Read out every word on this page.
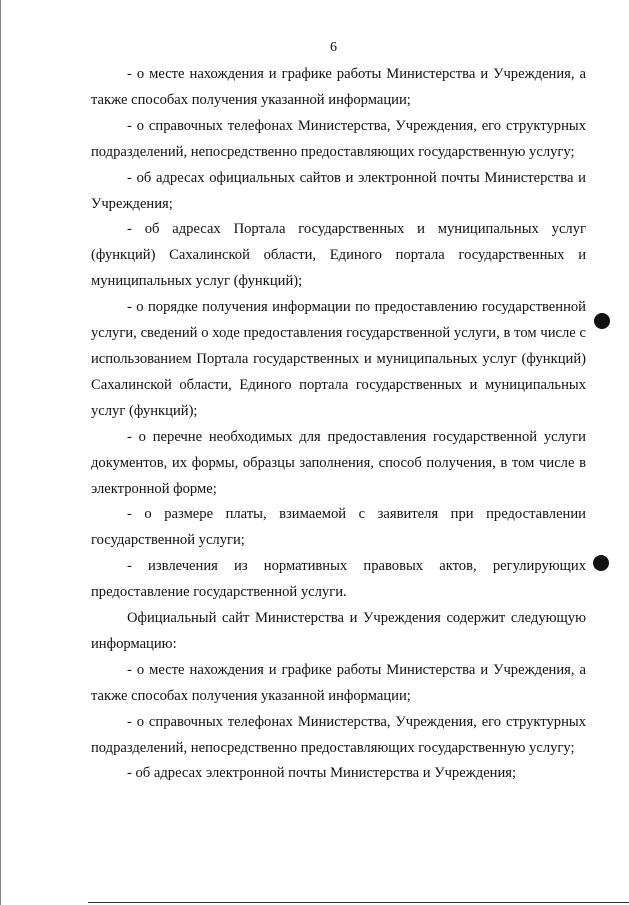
6

- о месте нахождения и графике работы Министерства и Учреждения, а также способах получения указанной информации;

- о справочных телефонах Министерства, Учреждения, его структурных подразделений, непосредственно предоставляющих государственную услугу;

- об адресах официальных сайтов и электронной почты Министерства и Учреждения;

- об адресах Портала государственных и муниципальных услуг (функций) Сахалинской области, Единого портала государственных и муниципальных услуг (функций);

- о порядке получения информации по предоставлению государственной услуги, сведений о ходе предоставления государственной услуги, в том числе с использованием Портала государственных и муниципальных услуг (функций) Сахалинской области, Единого портала государственных и муниципальных услуг (функций);

- о перечне необходимых для предоставления государственной услуги документов, их формы, образцы заполнения, способ получения, в том числе в электронной форме;

- о размере платы, взимаемой с заявителя при предоставлении государственной услуги;

- извлечения из нормативных правовых актов, регулирующих предоставление государственной услуги.

Официальный сайт Министерства и Учреждения содержит следующую информацию:

- о месте нахождения и графике работы Министерства и Учреждения, а также способах получения указанной информации;

- о справочных телефонах Министерства, Учреждения, его структурных подразделений, непосредственно предоставляющих государственную услугу;

- об адресах электронной почты Министерства и Учреждения;
